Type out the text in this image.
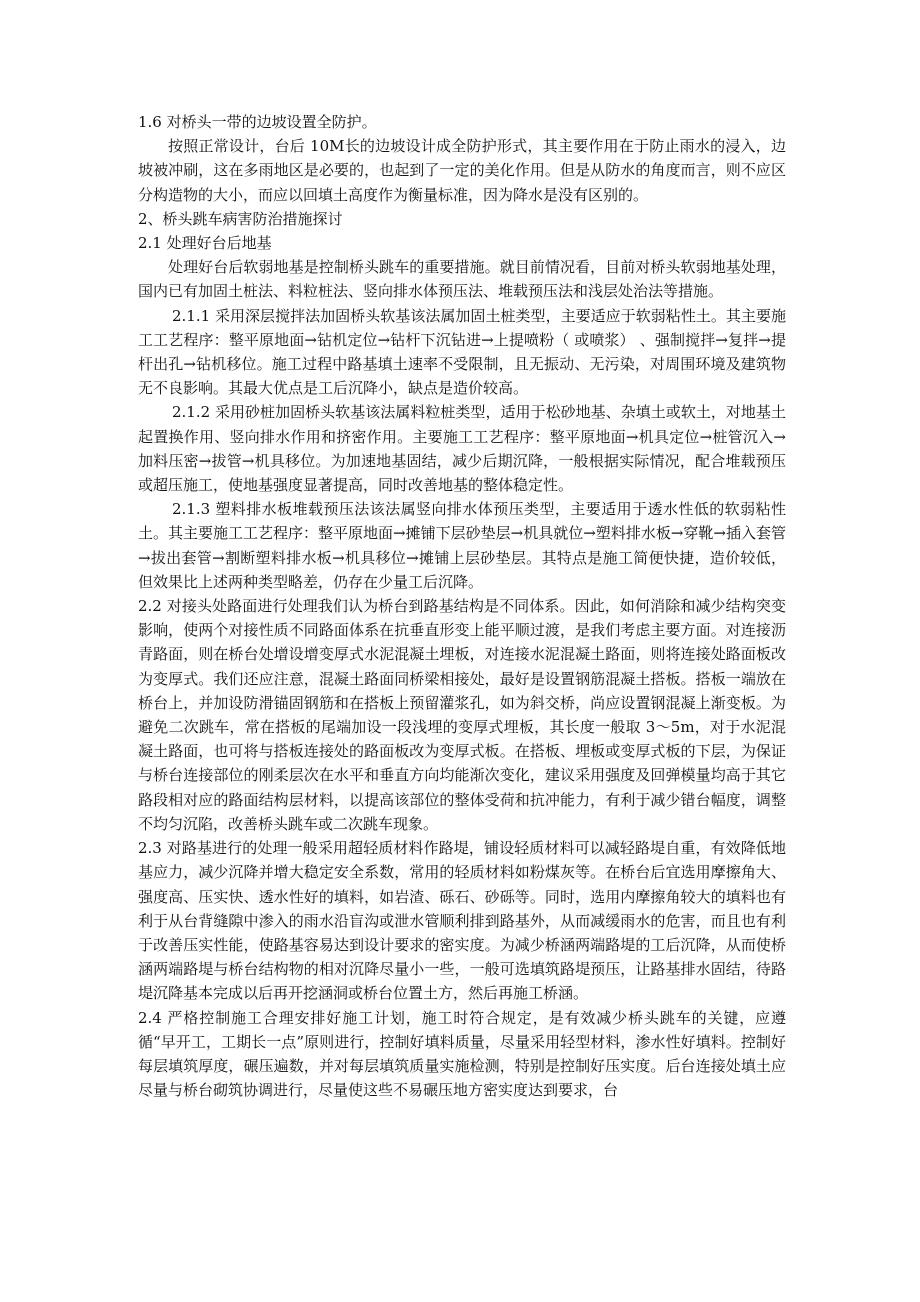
1.6 对桥头一带的边坡设置全防护。

按照正常设计，台后 10M长的边坡设计成全防护形式，其主要作用在于防止雨水的浸入，边坡被冲刷，这在多雨地区是必要的，也起到了一定的美化作用。但是从防水的角度而言，则不应区分构造物的大小，而应以回填土高度作为衡量标准，因为降水是没有区别的。

2、桥头跳车病害防治措施探讨

2.1 处理好台后地基

处理好台后软弱地基是控制桥头跳车的重要措施。就目前情况看，目前对桥头软弱地基处理，国内已有加固土桩法、料粒桩法、竖向排水体预压法、堆载预压法和浅层处治法等措施。

2.1.1 采用深层搅拌法加固桥头软基该法属加固土桩类型，主要适应于软弱粘性土。其主要施工工艺程序：整平原地面→钻机定位→钻杆下沉钻进→上提喷粉（ 或喷浆） 、强制搅拌→复拌→提杆出孔→钻机移位。施工过程中路基填土速率不受限制，且无振动、无污染，对周围环境及建筑物无不良影响。其最大优点是工后沉降小，缺点是造价较高。

2.1.2 采用砂桩加固桥头软基该法属料粒桩类型，适用于松砂地基、杂填土或软土，对地基土起置换作用、竖向排水作用和挤密作用。主要施工工艺程序：整平原地面→机具定位→桩管沉入→加料压密→拔管→机具移位。为加速地基固结，减少后期沉降，一般根据实际情况，配合堆载预压或超压施工，使地基强度显著提高，同时改善地基的整体稳定性。

2.1.3 塑料排水板堆载预压法该法属竖向排水体预压类型，主要适用于透水性低的软弱粘性土。其主要施工工艺程序：整平原地面→摊铺下层砂垫层→机具就位→塑料排水板→穿靴→插入套管→拔出套管→割断塑料排水板→机具移位→摊铺上层砂垫层。其特点是施工简便快捷，造价较低，但效果比上述两种类型略差，仍存在少量工后沉降。

2.2 对接头处路面进行处理我们认为桥台到路基结构是不同体系。因此，如何消除和减少结构突变影响，使两个对接性质不同路面体系在抗垂直形变上能平顺过渡，是我们考虑主要方面。对连接沥青路面，则在桥台处增设增变厚式水泥混凝土埋板，对连接水泥混凝土路面，则将连接处路面板改为变厚式。我们还应注意，混凝土路面同桥梁相接处，最好是设置钢筋混凝土搭板。搭板一端放在桥台上，并加设防滑锚固钢筋和在搭板上预留灌浆孔，如为斜交桥，尚应设置钢混凝上渐变板。为避免二次跳车，常在搭板的尾端加设一段浅埋的变厚式埋板，其长度一般取 3～5m，对于水泥混凝土路面，也可将与搭板连接处的路面板改为变厚式板。在搭板、埋板或变厚式板的下层，为保证与桥台连接部位的刚柔层次在水平和垂直方向均能渐次变化，建议采用强度及回弹模量均高于其它路段相对应的路面结构层材料，以提高该部位的整体受荷和抗冲能力，有利于减少错台幅度，调整不均匀沉陷，改善桥头跳车或二次跳车现象。

2.3 对路基进行的处理一般采用超轻质材料作路堤，铺设轻质材料可以减轻路堤自重，有效降低地基应力，减少沉降并增大稳定安全系数，常用的轻质材料如粉煤灰等。在桥台后宜选用摩擦角大、强度高、压实快、透水性好的填料，如岩渣、砾石、砂砾等。同时，选用内摩擦角较大的填料也有利于从台背缝隙中渗入的雨水沿盲沟或泄水管顺利排到路基外，从而减缓雨水的危害，而且也有利于改善压实性能，使路基容易达到设计要求的密实度。为减少桥涵两端路堤的工后沉降，从而使桥涵两端路堤与桥台结构物的相对沉降尽量小一些，一般可选填筑路堤预压，让路基排水固结，待路堤沉降基本完成以后再开挖涵洞或桥台位置土方，然后再施工桥涵。

2.4 严格控制施工合理安排好施工计划，施工时符合规定，是有效减少桥头跳车的关键，应遵循“早开工，工期长一点”原则进行，控制好填料质量，尽量采用轻型材料，渗水性好填料。控制好每层填筑厚度，碾压遍数，并对每层填筑质量实施检测，特别是控制好压实度。后台连接处填土应尽量与桥台砌筑协调进行，尽量使这些不易碾压地方密实度达到要求，台
